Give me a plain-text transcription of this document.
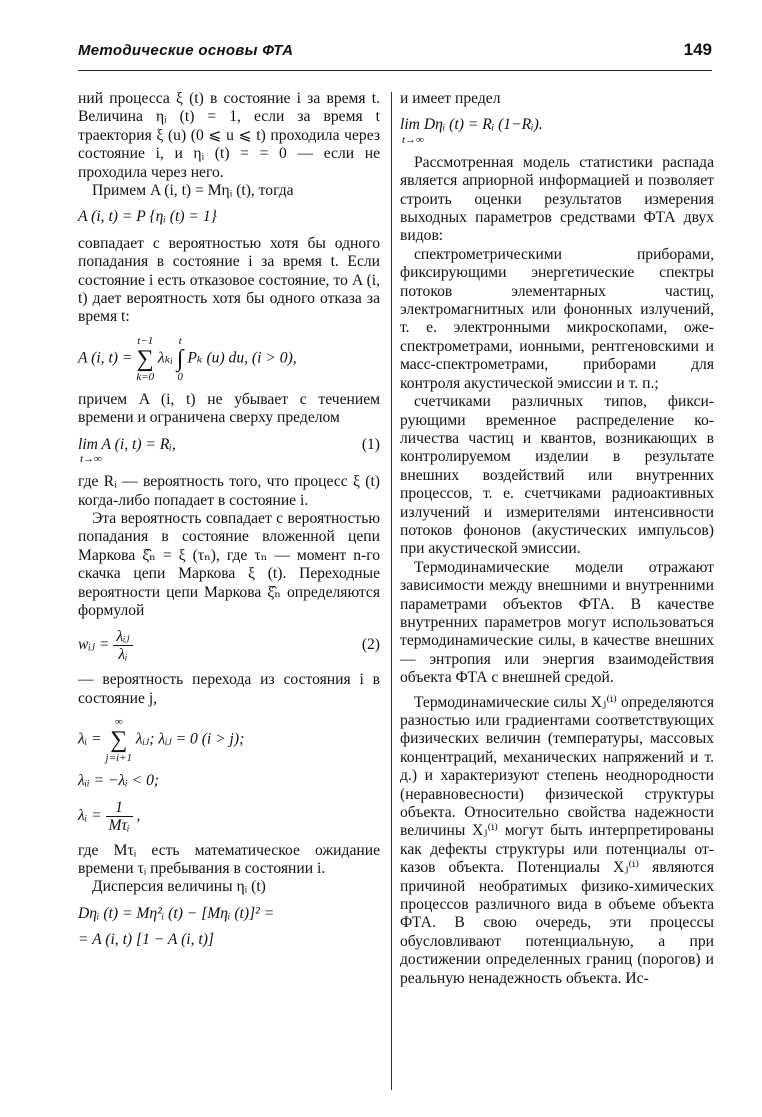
Методические основы ФТА	149

ний процесса ξ (t) в состояние i за время t. Величина ηᵢ (t) = 1, если за время t траектория ξ (u) (0 ⩽ u ⩽ t) проходила через состояние i, и ηᵢ (t) = = 0 — если не проходила через него.

Примем A (i, t) = Mηᵢ (t), тогда

A (i, t) = P {ηᵢ (t) = 1}

совпадает с вероятностью хотя бы одного попадания в состояние i за время t. Если состояние i есть отказовое состояние, то A (i, t) дает вероятность хотя бы одного отказа за время t:

A (i, t) =
t−1
∑
k=0
λₖᵢ
t
∫
0
Pₖ (u) du, (i > 0),

причем A (i, t) не убывает с течением времени и ограничена сверху пределом

lim A (i, t) = Rᵢ,
t→∞
(1)

где Rᵢ — вероятность того, что процесс ξ (t) когда-либо попадает в состояние i.

Эта вероятность совпадает с вероятностью попадания в состояние вложенной цепи Маркова ξ̂ₙ = ξ (τₙ), где τₙ — момент n-го скачка цепи Маркова ξ (t). Переходные вероятности цепи Маркова ξ̂ₙ определяются формулой

wᵢⱼ = $\frac{\text{λᵢⱼ}}{\text{λᵢ}}$	(2)

— вероятность перехода из состояния i в состояние j,

λᵢ =
∞
∑
j=i+1
λᵢⱼ; λᵢⱼ = 0 (i > j);
λᵢᵢ = −λᵢ < 0;
λᵢ = $\frac{1}{\text{Mτᵢ}}$ ,

где Mτᵢ есть математическое ожидание времени τᵢ пребывания в состоянии i.

Дисперсия величины ηᵢ (t)

Dηᵢ (t) = Mη²ᵢ (t) − [Mηᵢ (t)]² =
= A (i, t) [1 − A (i, t)]

и имеет предел

lim Dηᵢ (t) = Rᵢ (1−Rᵢ).
t→∞

Рассмотренная модель статистики распада является априорной информацией и позволяет строить оценки результатов измерения выходных параметров средствами ФТА двух видов:

спектрометрическими приборами, фиксирующими энергетические спектры потоков элементарных частиц, электромагнитных или фононных излучений, т. е. электронными микроскопами, оже-спектрометрами, ионными, рентгеновскими и масс-спектрометрами, приборами для контроля акустической эмиссии и т. п.;

счетчиками различных типов, фиксирующими временное распределение количества частиц и квантов, возникающих в контролируемом изделии в результате внешних воздействий или внутренних процессов, т. е. счетчиками радиоактивных излучений и измерителями интенсивности потоков фононов (акустических импульсов) при акустической эмиссии.

Термодинамические модели отражают зависимости между внешними и внутренними параметрами объектов ФТА. В качестве внутренних параметров могут использоваться термодинамические силы, в качестве внешних — энтропия или энергия взаимодействия объекта ФТА с внешней средой.

Термодинамические силы Xⱼ⁽ⁱ⁾ определяются разностью или градиентами соответствующих физических величин (температуры, массовых концентраций, механических напряжений и т. д.) и характеризуют степень неоднородности (неравновесности) физической структуры объекта. Относительно свойства надежности величины Xⱼ⁽ⁱ⁾ могут быть интерпретированы как дефекты структуры или потенциалы отказов объекта. Потенциалы Xⱼ⁽ⁱ⁾ являются причиной необратимых физико-химических процессов различного вида в объеме объекта ФТА. В свою очередь, эти процессы обусловливают потенциальную, а при достижении определенных границ (порогов) и реальную ненадежность объекта. Ис-
